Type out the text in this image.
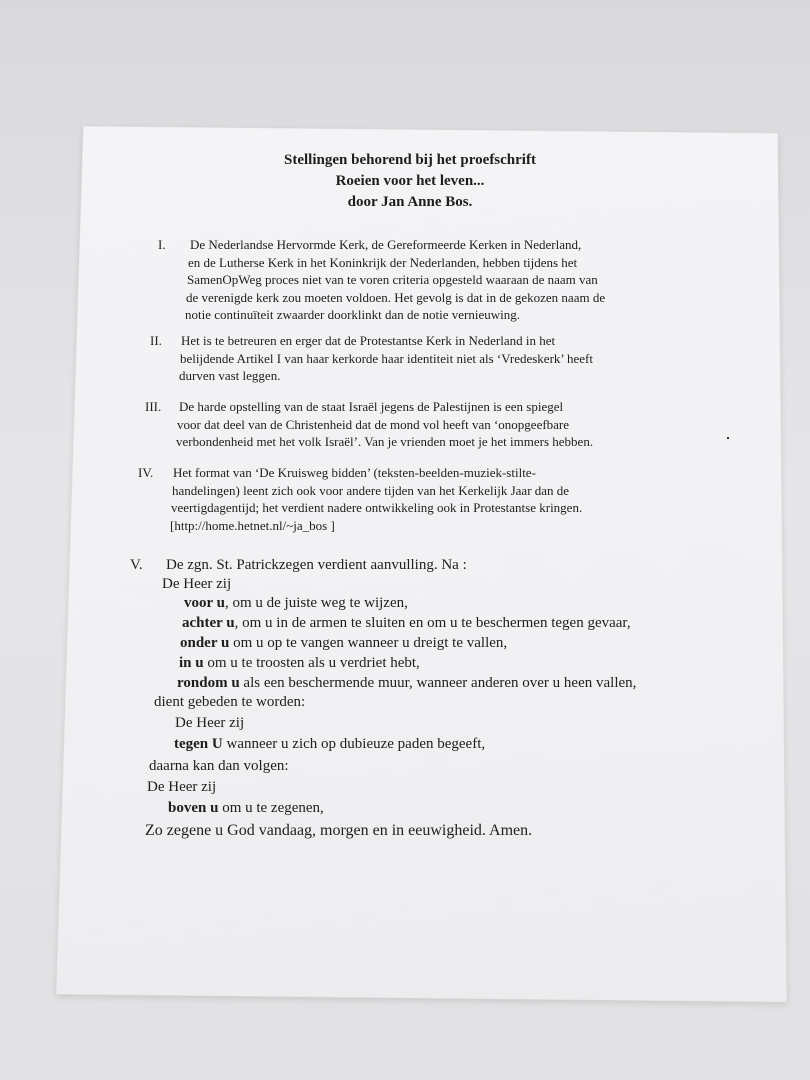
Stellingen behorend bij het proefschrift
Roeien voor het leven...
door Jan Anne Bos.
I. De Nederlandse Hervormde Kerk, de Gereformeerde Kerken in Nederland,
en de Lutherse Kerk in het Koninkrijk der Nederlanden, hebben tijdens het
SamenOpWeg proces niet van te voren criteria opgesteld waaraan de naam van
de verenigde kerk zou moeten voldoen. Het gevolg is dat in de gekozen naam de
notie continuïteit zwaarder doorklinkt dan de notie vernieuwing.
II. Het is te betreuren en erger dat de Protestantse Kerk in Nederland in het
belijdende Artikel I van haar kerkorde haar identiteit niet als ‘Vredeskerk’ heeft
durven vast leggen.
III. De harde opstelling van de staat Israël jegens de Palestijnen is een spiegel
voor dat deel van de Christenheid dat de mond vol heeft van ‘onopgeefbare
verbondenheid met het volk Israël’. Van je vrienden moet je het immers hebben.
IV. Het format van ‘De Kruisweg bidden’ (teksten-beelden-muziek-stilte-
handelingen) leent zich ook voor andere tijden van het Kerkelijk Jaar dan de
veertigdagentijd; het verdient nadere ontwikkeling ook in Protestantse kringen.
[http://home.hetnet.nl/~ja_bos ]
V. De zgn. St. Patrickzegen verdient aanvulling. Na :
De Heer zij
voor u, om u de juiste weg te wijzen,
achter u, om u in de armen te sluiten en om u te beschermen tegen gevaar,
onder u om u op te vangen wanneer u dreigt te vallen,
in u om u te troosten als u verdriet hebt,
rondom u als een beschermende muur, wanneer anderen over u heen vallen,
dient gebeden te worden:
De Heer zij
tegen U wanneer u zich op dubieuze paden begeeft,
daarna kan dan volgen:
De Heer zij
boven u om u te zegenen,
Zo zegene u God vandaag, morgen en in eeuwigheid. Amen.
